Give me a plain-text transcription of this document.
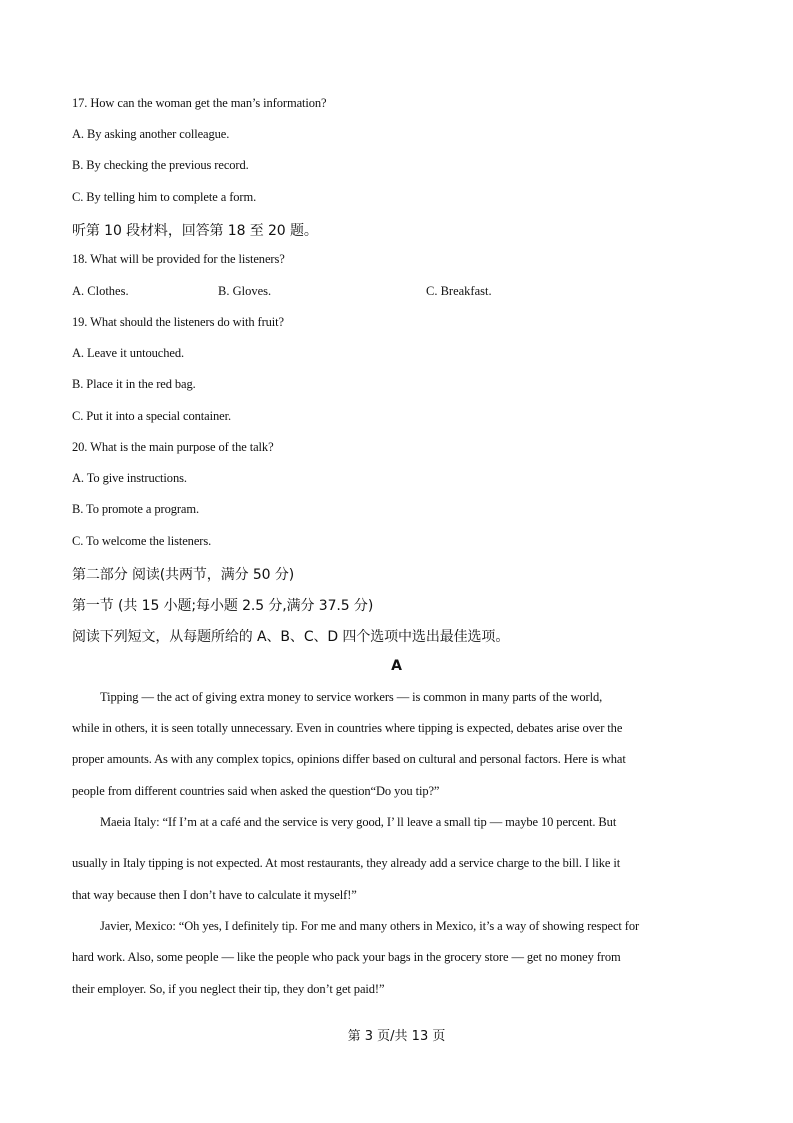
17. How can the woman get the man’s information?
A. By asking another colleague.
B. By checking the previous record.
C. By telling him to complete a form.
听第 10 段材料，回答第 18 至 20 题。
18. What will be provided for the listeners?
A. Clothes.	B. Gloves.	C. Breakfast.
19. What should the listeners do with fruit?
A. Leave it untouched.
B. Place it in the red bag.
C. Put it into a special container.
20. What is the main purpose of the talk?
A. To give instructions.
B. To promote a program.
C. To welcome the listeners.
第二部分 阅读(共两节，满分 50 分)
第一节 (共 15 小题;每小题 2.5 分,满分 37.5 分)
阅读下列短文，从每题所给的 A、B、C、D 四个选项中选出最佳选项。
A
Tipping — the act of giving extra money to service workers — is common in many parts of the world,
while in others, it is seen totally unnecessary. Even in countries where tipping is expected, debates arise over the
proper amounts. As with any complex topics, opinions differ based on cultural and personal factors. Here is what
people from different countries said when asked the question“Do you tip?”
Maeia Italy: “If I’m at a café and the service is very good, I’ ll leave a small tip — maybe 10 percent. But
usually in Italy tipping is not expected. At most restaurants, they already add a service charge to the bill. I like it
that way because then I don’t have to calculate it myself!”
Javier, Mexico: “Oh yes, I definitely tip. For me and many others in Mexico, it’s a way of showing respect for
hard work. Also, some people — like the people who pack your bags in the grocery store — get no money from
their employer. So, if you neglect their tip, they don’t get paid!”
第 3 页/共 13 页
